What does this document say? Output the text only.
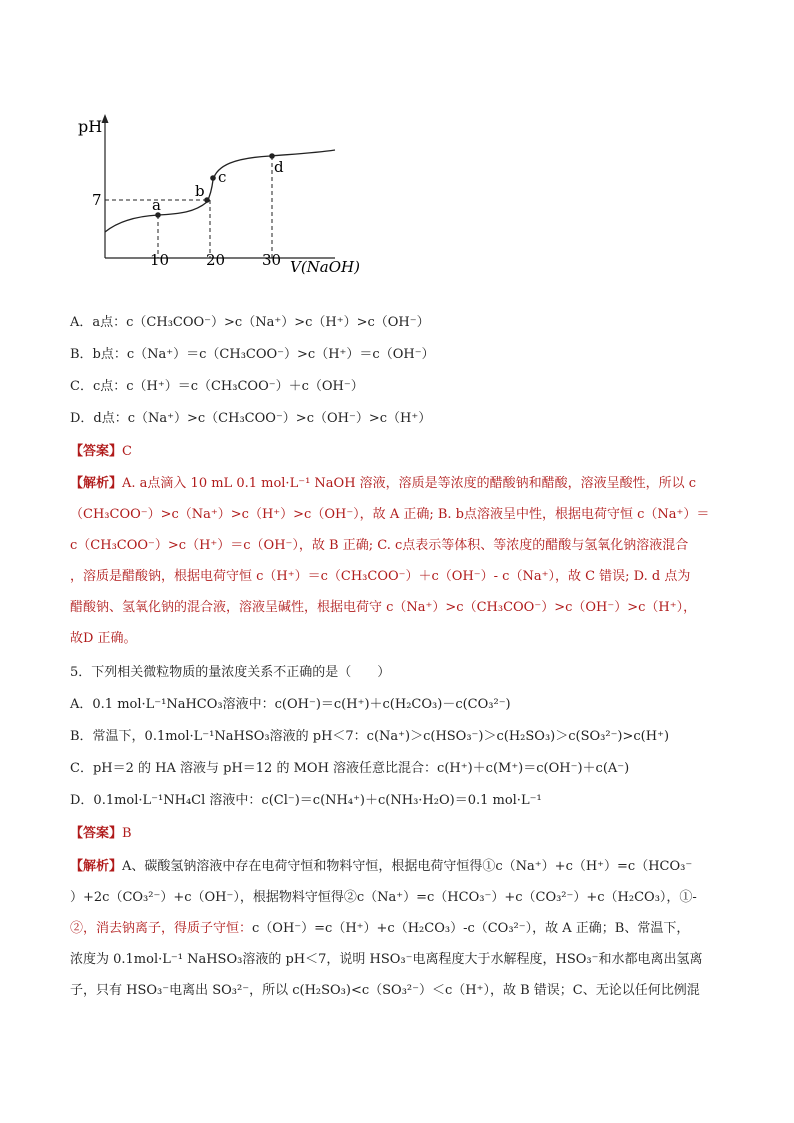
pH
V(NaOH)
7
10 20 30
a
b
c
d
A．a点：c（CH₃COO⁻）>c（Na⁺）>c（H⁺）>c（OH⁻）
B．b点：c（Na⁺）＝c（CH₃COO⁻）>c（H⁺）＝c（OH⁻）
C．c点：c（H⁺）＝c（CH₃COO⁻）＋c（OH⁻）
D．d点：c（Na⁺）>c（CH₃COO⁻）>c（OH⁻）>c（H⁺）
【答案】C
【解析】A. a点滴入 10 mL 0.1 mol·L⁻¹ NaOH 溶液，溶质是等浓度的醋酸钠和醋酸，溶液呈酸性，所以 c
（CH₃COO⁻）>c（Na⁺）>c（H⁺）>c（OH⁻），故 A 正确; B. b点溶液呈中性，根据电荷守恒 c（Na⁺）＝
c（CH₃COO⁻）>c（H⁺）＝c（OH⁻），故 B 正确; C. c点表示等体积、等浓度的醋酸与氢氧化钠溶液混合
，溶质是醋酸钠，根据电荷守恒 c（H⁺）＝c（CH₃COO⁻）＋c（OH⁻）- c（Na⁺），故 C 错误; D. d 点为
醋酸钠、氢氧化钠的混合液，溶液呈碱性，根据电荷守 c（Na⁺）>c（CH₃COO⁻）>c（OH⁻）>c（H⁺），
故D 正确。
5．下列相关微粒物质的量浓度关系不正确的是（　　）
A．0.1 mol·L⁻¹NaHCO₃溶液中：c(OH⁻)＝c(H⁺)＋c(H₂CO₃)－c(CO₃²⁻)
B．常温下，0.1mol·L⁻¹NaHSO₃溶液的 pH＜7：c(Na⁺)＞c(HSO₃⁻)＞c(H₂SO₃)＞c(SO₃²⁻)>c(H⁺)
C．pH＝2 的 HA 溶液与 pH＝12 的 MOH 溶液任意比混合：c(H⁺)＋c(M⁺)＝c(OH⁻)＋c(A⁻)
D．0.1mol·L⁻¹NH₄Cl 溶液中：c(Cl⁻)＝c(NH₄⁺)＋c(NH₃·H₂O)＝0.1 mol·L⁻¹
【答案】B
【解析】A、碳酸氢钠溶液中存在电荷守恒和物料守恒，根据电荷守恒得①c（Na⁺）+c（H⁺）=c（HCO₃⁻
）+2c（CO₃²⁻）+c（OH⁻），根据物料守恒得②c（Na⁺）=c（HCO₃⁻）+c（CO₃²⁻）+c（H₂CO₃），①-
②，消去钠离子，得质子守恒：c（OH⁻）=c（H⁺）+c（H₂CO₃）-c（CO₃²⁻），故 A 正确；B、常温下，
浓度为 0.1mol·L⁻¹ NaHSO₃溶液的 pH＜7，说明 HSO₃⁻电离程度大于水解程度，HSO₃⁻和水都电离出氢离
子，只有 HSO₃⁻电离出 SO₃²⁻，所以 c(H₂SO₃)<c（SO₃²⁻）＜c（H⁺），故 B 错误；C、无论以任何比例混
